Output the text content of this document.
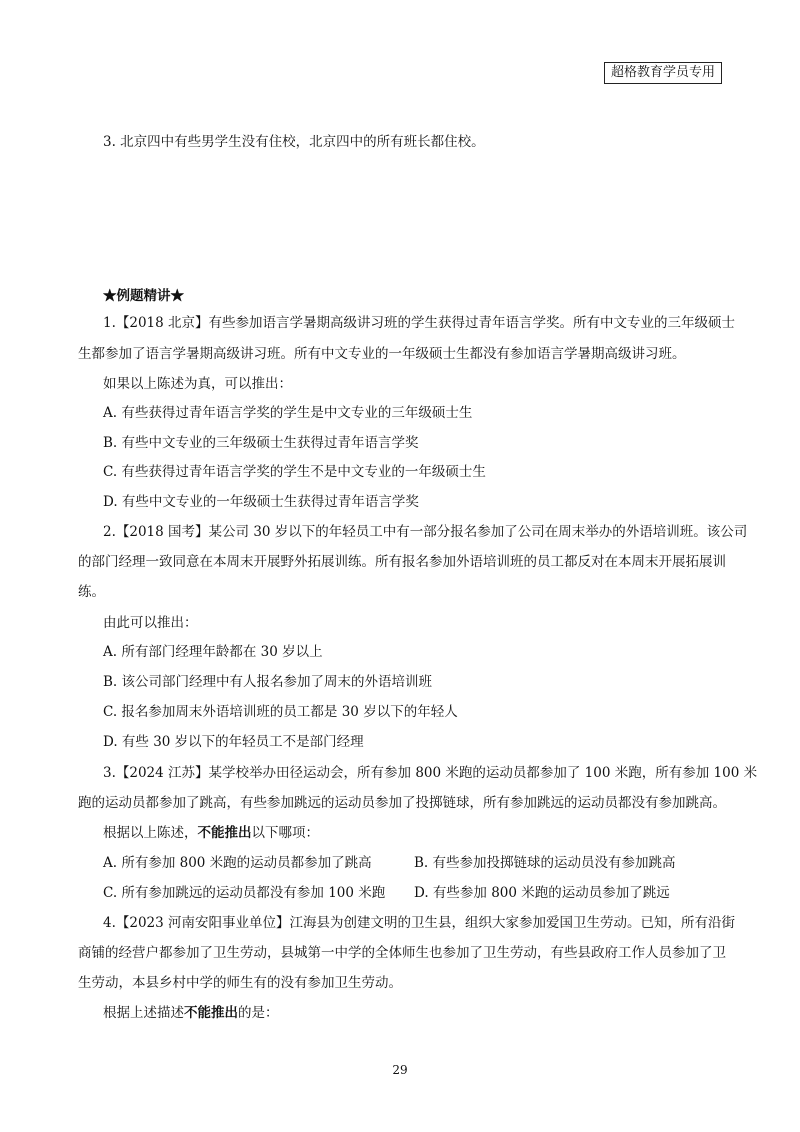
超格教育学员专用
3. 北京四中有些男学生没有住校，北京四中的所有班长都住校。
★例题精讲★
1.【2018 北京】有些参加语言学暑期高级讲习班的学生获得过青年语言学奖。所有中文专业的三年级硕士
生都参加了语言学暑期高级讲习班。所有中文专业的一年级硕士生都没有参加语言学暑期高级讲习班。
如果以上陈述为真，可以推出：
A. 有些获得过青年语言学奖的学生是中文专业的三年级硕士生
B. 有些中文专业的三年级硕士生获得过青年语言学奖
C. 有些获得过青年语言学奖的学生不是中文专业的一年级硕士生
D. 有些中文专业的一年级硕士生获得过青年语言学奖
2.【2018 国考】某公司 30 岁以下的年轻员工中有一部分报名参加了公司在周末举办的外语培训班。该公司
的部门经理一致同意在本周末开展野外拓展训练。所有报名参加外语培训班的员工都反对在本周末开展拓展训
练。
由此可以推出：
A. 所有部门经理年龄都在 30 岁以上
B. 该公司部门经理中有人报名参加了周末的外语培训班
C. 报名参加周末外语培训班的员工都是 30 岁以下的年轻人
D. 有些 30 岁以下的年轻员工不是部门经理
3.【2024 江苏】某学校举办田径运动会，所有参加 800 米跑的运动员都参加了 100 米跑，所有参加 100 米
跑的运动员都参加了跳高，有些参加跳远的运动员参加了投掷链球，所有参加跳远的运动员都没有参加跳高。
根据以上陈述，不能推出以下哪项：
A. 所有参加 800 米跑的运动员都参加了跳高	B. 有些参加投掷链球的运动员没有参加跳高
C. 所有参加跳远的运动员都没有参加 100 米跑 D. 有些参加 800 米跑的运动员参加了跳远
4.【2023 河南安阳事业单位】江海县为创建文明的卫生县，组织大家参加爱国卫生劳动。已知，所有沿街
商铺的经营户都参加了卫生劳动，县城第一中学的全体师生也参加了卫生劳动，有些县政府工作人员参加了卫
生劳动，本县乡村中学的师生有的没有参加卫生劳动。
根据上述描述不能推出的是：
29
